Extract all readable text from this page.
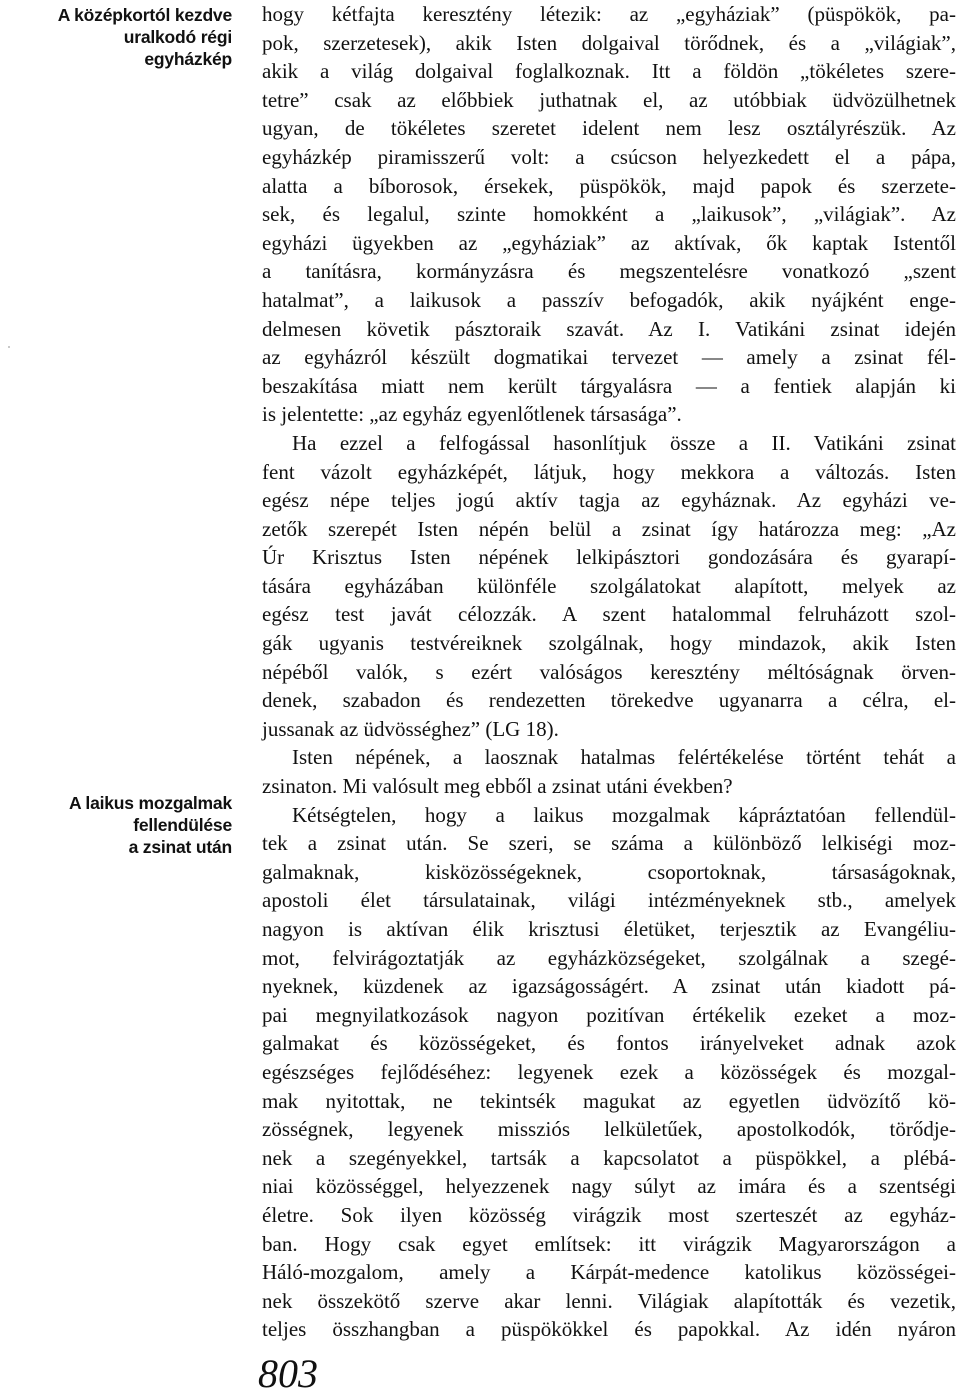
A középkortól kezdve
uralkodó régi
egyházkép
A laikus mozgalmak
fellendülése
a zsinat után
hogy kétfajta keresztény létezik: az „egyháziak” (püspökök, pa-
pok, szerzetesek), akik Isten dolgaival törődnek, és a „világiak”,
akik a világ dolgaival foglalkoznak. Itt a földön „tökéletes szere-
tetre” csak az előbbiek juthatnak el, az utóbbiak üdvözülhetnek
ugyan, de tökéletes szeretet idelent nem lesz osztályrészük. Az
egyházkép piramisszerű volt: a csúcson helyezkedett el a pápa,
alatta a bíborosok, érsekek, püspökök, majd papok és szerzete-
sek, és legalul, szinte homokként a „laikusok”, „világiak”. Az
egyházi ügyekben az „egyháziak” az aktívak, ők kaptak Istentől
a tanításra, kormányzásra és megszentelésre vonatkozó „szent
hatalmat”, a laikusok a passzív befogadók, akik nyájként enge-
delmesen követik pásztoraik szavát. Az I. Vatikáni zsinat idején
az egyházról készült dogmatikai tervezet — amely a zsinat fél-
beszakítása miatt nem került tárgyalásra — a fentiek alapján ki
is jelentette: „az egyház egyenlőtlenek társasága”.
Ha ezzel a felfogással hasonlítjuk össze a II. Vatikáni zsinat
fent vázolt egyházképét, látjuk, hogy mekkora a változás. Isten
egész népe teljes jogú aktív tagja az egyháznak. Az egyházi ve-
zetők szerepét Isten népén belül a zsinat így határozza meg: „Az
Úr Krisztus Isten népének lelkipásztori gondozására és gyarapí-
tására egyházában különféle szolgálatokat alapított, melyek az
egész test javát célozzák. A szent hatalommal felruházott szol-
gák ugyanis testvéreiknek szolgálnak, hogy mindazok, akik Isten
népéből valók, s ezért valóságos keresztény méltóságnak örven-
denek, szabadon és rendezetten törekedve ugyanarra a célra, el-
jussanak az üdvösséghez” (LG 18).
Isten népének, a laosznak hatalmas felértékelése történt tehát a
zsinaton. Mi valósult meg ebből a zsinat utáni években?
Kétségtelen, hogy a laikus mozgalmak kápráztatóan fellendül-
tek a zsinat után. Se szeri, se száma a különböző lelkiségi moz-
galmaknak, kisközösségeknek, csoportoknak, társaságoknak,
apostoli élet társulatainak, világi intézményeknek stb., amelyek
nagyon is aktívan élik krisztusi életüket, terjesztik az Evangéliu-
mot, felvirágoztatják az egyházközségeket, szolgálnak a szegé-
nyeknek, küzdenek az igazságosságért. A zsinat után kiadott pá-
pai megnyilatkozások nagyon pozitívan értékelik ezeket a moz-
galmakat és közösségeket, és fontos irányelveket adnak azok
egészséges fejlődéséhez: legyenek ezek a közösségek és mozgal-
mak nyitottak, ne tekintsék magukat az egyetlen üdvözítő kö-
zösségnek, legyenek missziós lelkületűek, apostolkodók, törődje-
nek a szegényekkel, tartsák a kapcsolatot a püspökkel, a plébá-
niai közösséggel, helyezzenek nagy súlyt az imára és a szentségi
életre. Sok ilyen közösség virágzik most szerteszét az egyház-
ban. Hogy csak egyet említsek: itt virágzik Magyarországon a
Háló-mozgalom, amely a Kárpát-medence katolikus közösségei-
nek összekötő szerve akar lenni. Világiak alapították és vezetik,
teljes összhangban a püspökökkel és papokkal. Az idén nyáron
803
